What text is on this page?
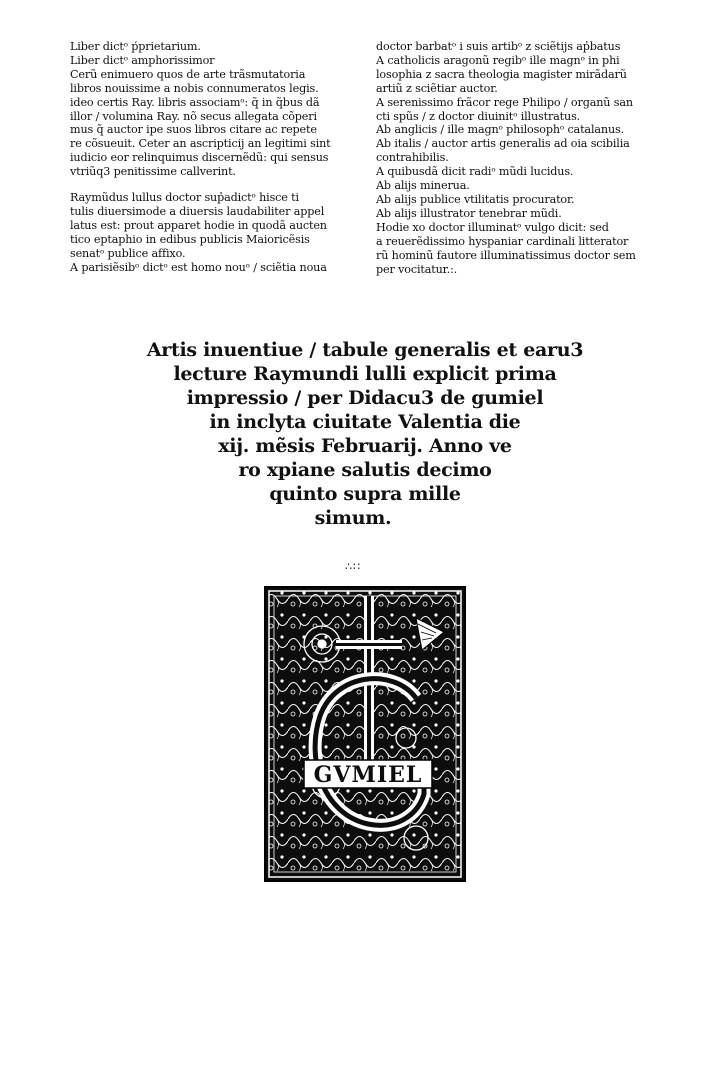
Liber dictᵒ ṕprietarium.

Liber dictᵒ amphorissimor

Cerũ enimuero quos de arte trãsmutatoria

libros nouissime a nobis connumeratos legis.

ideo certis Ray. libris associamᵒ: q̃ in q̃bus dã

illor / volumina Ray. nõ secus allegata cõperi

mus q̃ auctor ipe suos libros citare ac repete

re cõsueuit. Ceter an ascripticij an legitimi sint

iudicio eor relinquimus discernẽdũ: qui sensus

vtriũq3 penitissime callverint.

Raymũdus lullus doctor sup̓adictᵒ hisce ti

tulis diuersimode a diuersis laudabiliter appel

latus est: prout apparet hodie in quodã aucten

tico eptaphio in edibus publicis Maioricẽsis

senatᵒ publice affixo.

A parisiẽsibᵒ dictᵒ est homo nouᵒ / sciẽtia noua

doctor barbatᵒ i suis artibᵒ z sciẽtijs ap̓batus

A catholicis aragonũ regibᵒ ille magnᵒ in phi

losophia z sacra theologia magister mirãdarũ

artiũ z sciẽtiar auctor.

A serenissimo frãcor rege Philipo / organũ san

cti spũs / z doctor diuinitᵒ illustratus.

Ab anglicis / ille magnᵒ philosophᵒ catalanus.

Ab italis / auctor artis generalis ad oia scibilia

contrahibilis.

A quibusdã dicit radiᵒ mũdi lucidus.

Ab alijs minerua.

Ab alijs publice vtilitatis procurator.

Ab alijs illustrator tenebrar mũdi.

Hodie xo doctor illuminatᵒ vulgo dicit: sed

a reuerẽdissimo hyspaniar cardinali litterator

rũ hominũ fautore illuminatissimus doctor sem

per vocitatur.:.

Artis inuentiue / tabule generalis et earu3

lecture Raymundi lulli explicit prima

impressio / per Didacu3 de gumiel

in inclyta ciuitate Valentia die

xij. mẽsis Februarij. Anno ve

ro xpiane salutis decimo

quinto supra mille

simum.

∴∷
GVMIEL
